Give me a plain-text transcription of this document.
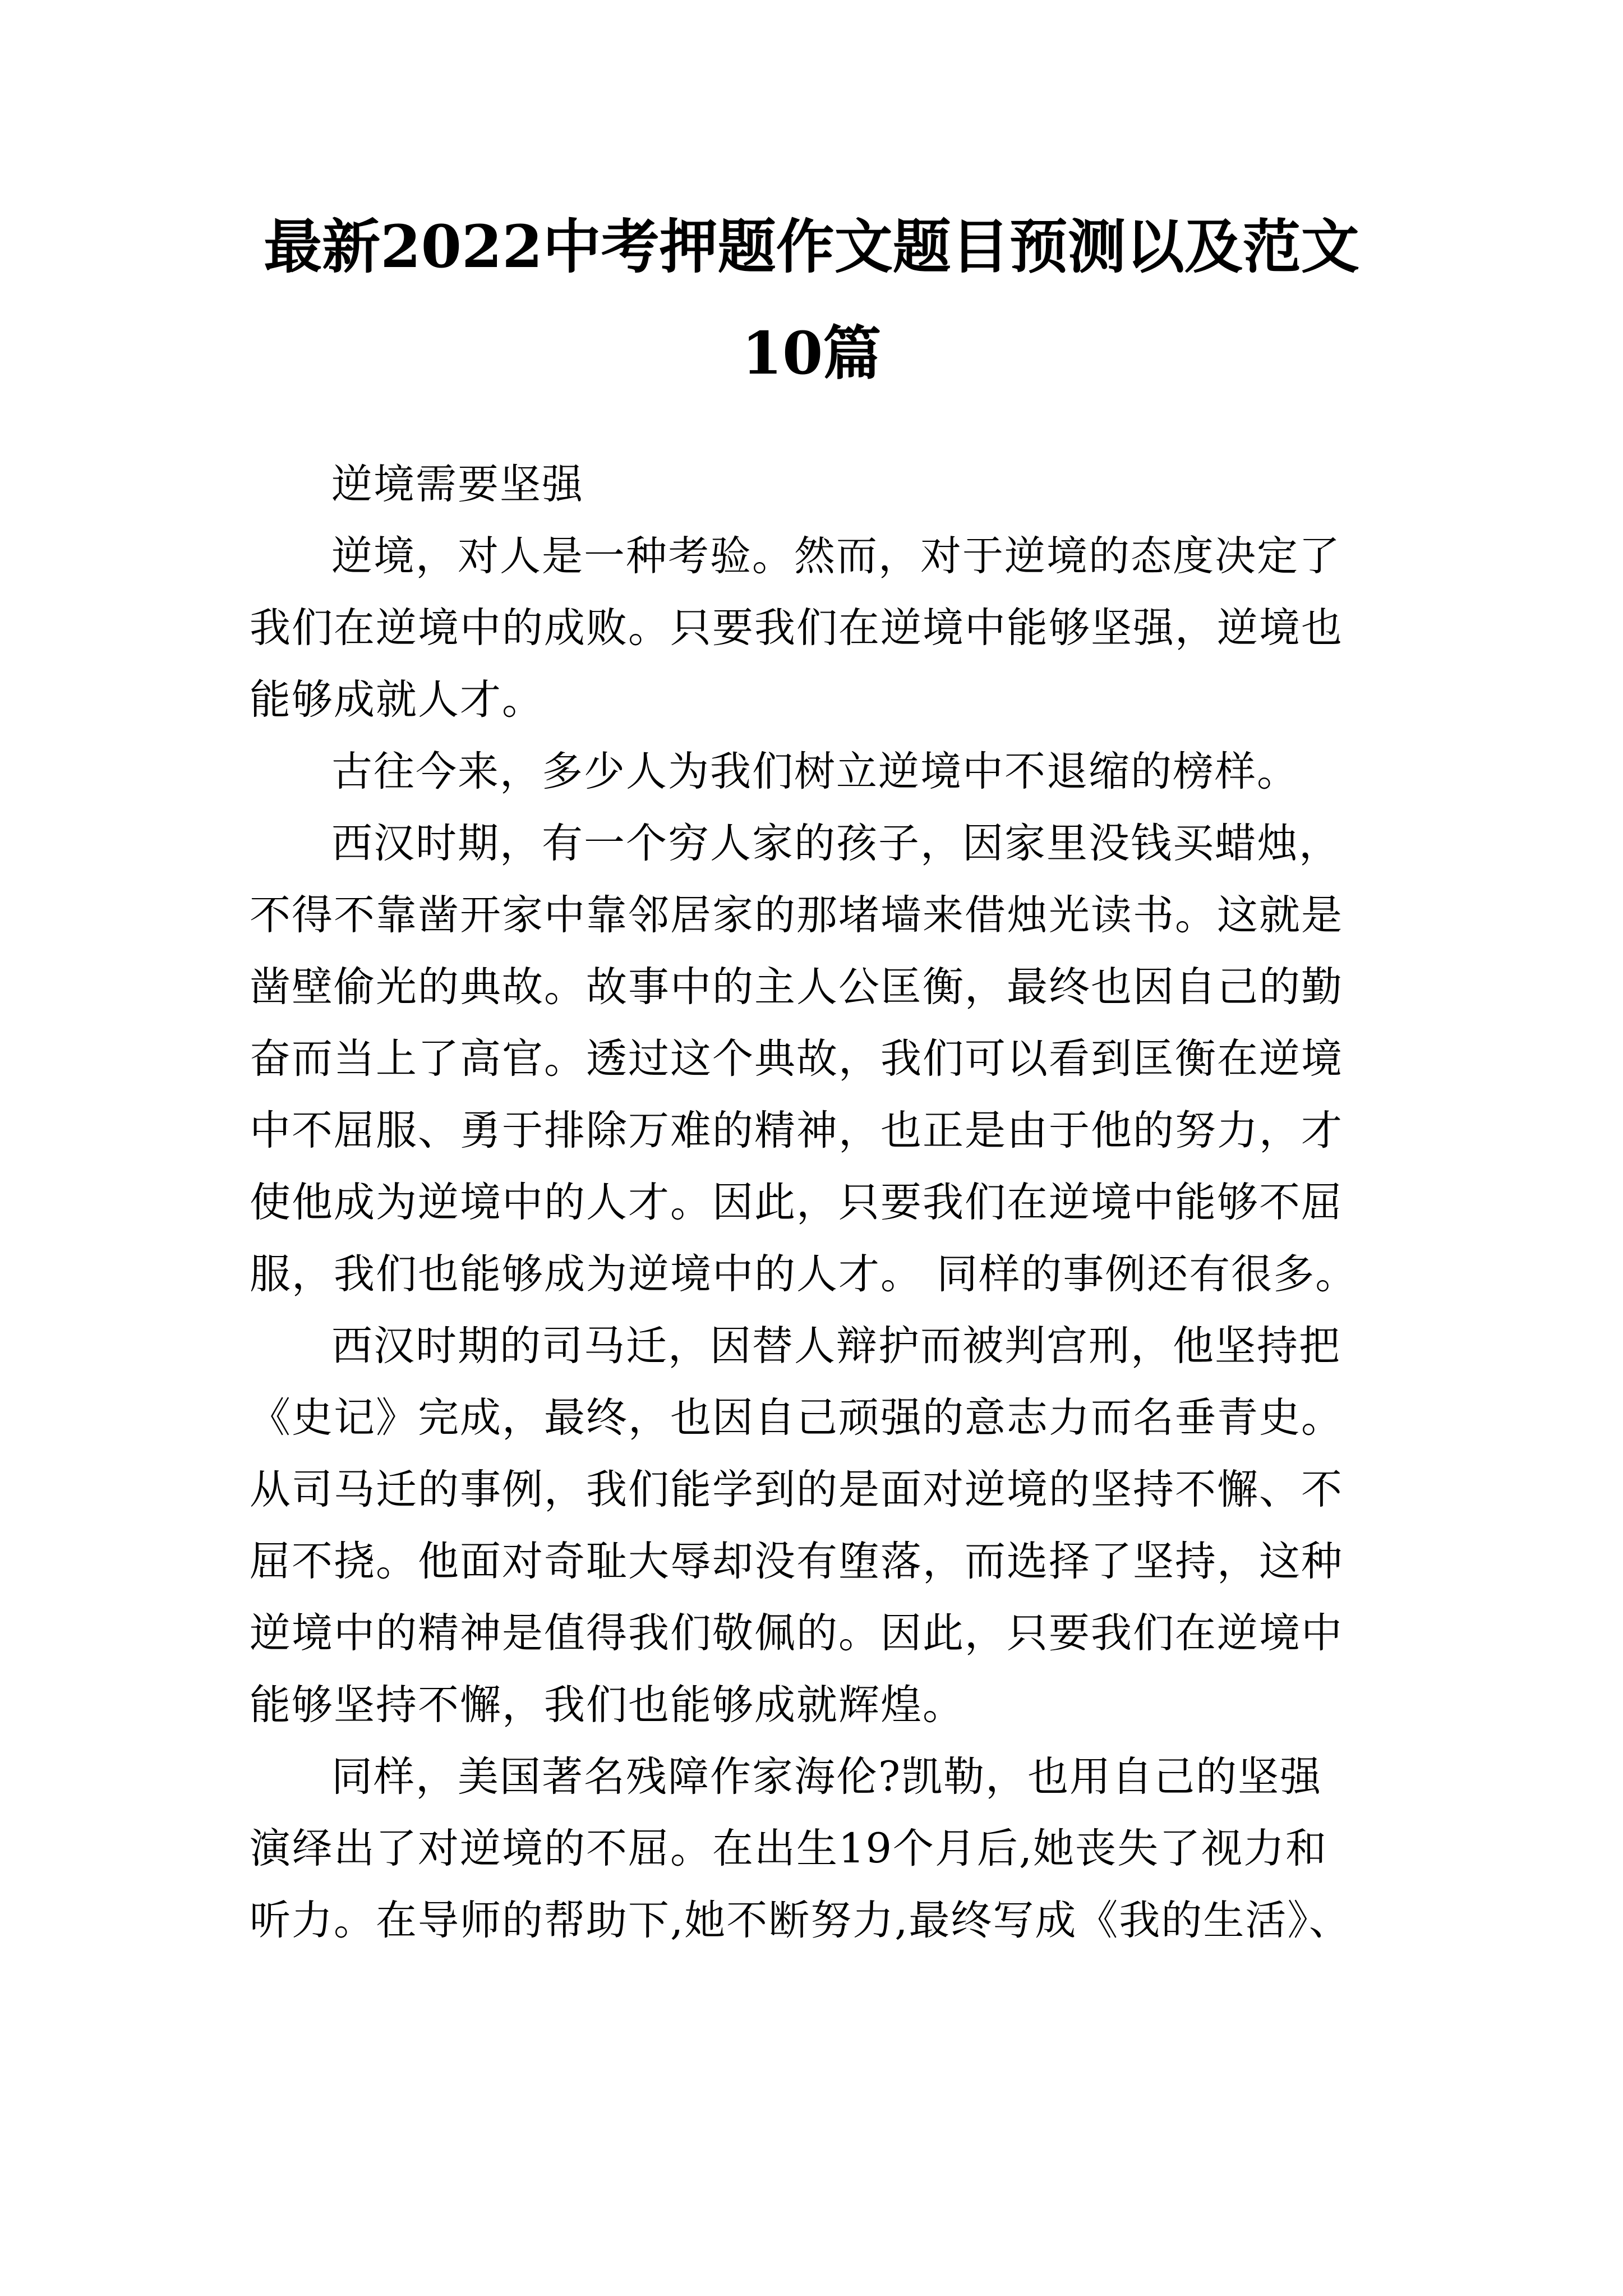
最新2022中考押题作文题目预测以及范文
10篇

逆境需要坚强

逆境，对人是一种考验。然而，对于逆境的态度决定了
我们在逆境中的成败。只要我们在逆境中能够坚强，逆境也
能够成就人才。

古往今来，多少人为我们树立逆境中不退缩的榜样。

西汉时期，有一个穷人家的孩子，因家里没钱买蜡烛，
不得不靠凿开家中靠邻居家的那堵墙来借烛光读书。这就是
凿壁偷光的典故。故事中的主人公匡衡，最终也因自己的勤
奋而当上了高官。透过这个典故，我们可以看到匡衡在逆境
中不屈服、勇于排除万难的精神，也正是由于他的努力，才
使他成为逆境中的人才。因此，只要我们在逆境中能够不屈
服，我们也能够成为逆境中的人才。 同样的事例还有很多。

西汉时期的司马迁，因替人辩护而被判宫刑，他坚持把
《史记》完成，最终，也因自己顽强的意志力而名垂青史。
从司马迁的事例，我们能学到的是面对逆境的坚持不懈、不
屈不挠。他面对奇耻大辱却没有堕落，而选择了坚持，这种
逆境中的精神是值得我们敬佩的。因此，只要我们在逆境中
能够坚持不懈，我们也能够成就辉煌。

同样，美国著名残障作家海伦?凯勒，也用自己的坚强
演绎出了对逆境的不屈。在出生19个月后,她丧失了视力和
听力。在导师的帮助下,她不断努力,最终写成《我的生活》、
